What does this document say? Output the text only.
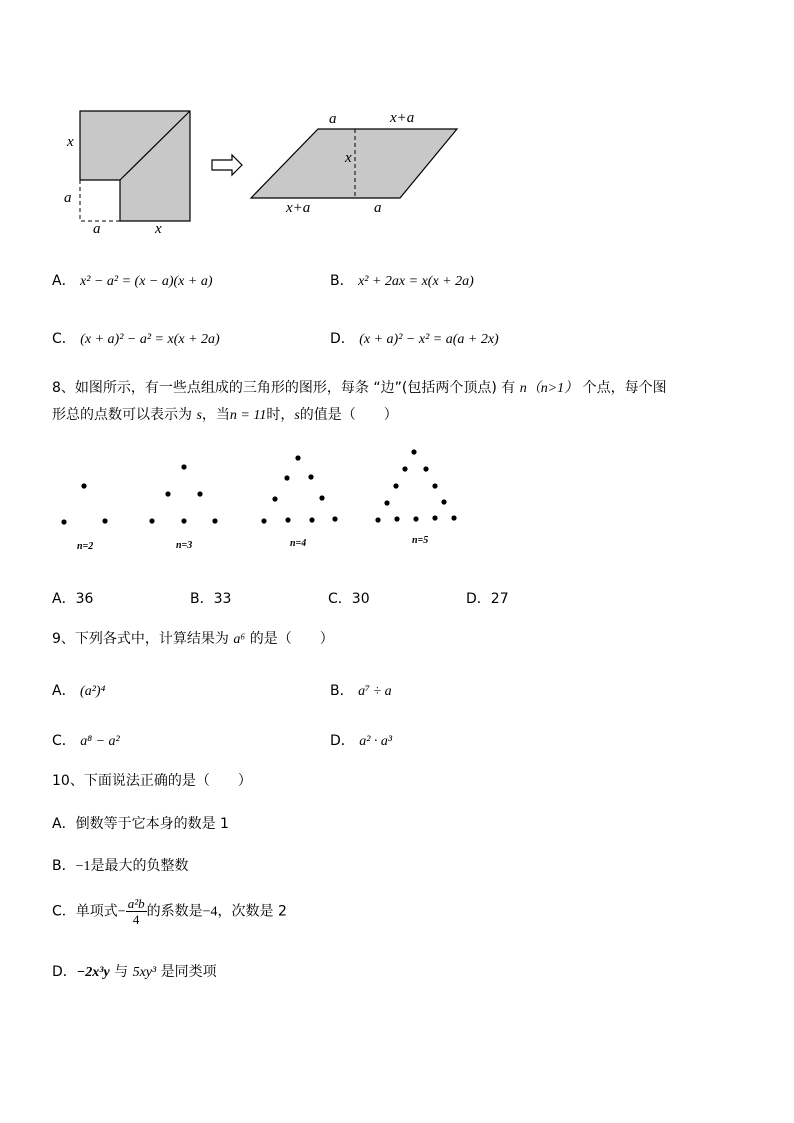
x
a
a	x
a	x+a
x
x+a	a
A． x² − a² = (x − a)(x + a)	B． x² + 2ax = x(x + 2a)
C． (x + a)² − a² = x(x + 2a)	D． (x + a)² − x² = a(a + 2x)
8、如图所示，有一些点组成的三角形的图形，每条 “边”(包括两个顶点) 有 n（n>1） 个点，每个图
形总的点数可以表示为 s，当n = 11时，s的值是（　　）
n=2	n=3	n=4	n=5
A．36	B．33	C．30	D．27
9、下列各式中，计算结果为 a⁶ 的是（　　）
A． (a²)⁴	B． a⁷ ÷ a
C． a⁸ − a²	D． a² · a³
10、下面说法正确的是（　　）
A．倒数等于它本身的数是 1
B．−1是最大的负整数
C．单项式− $\frac{\text{a²b}}{4}$ 的系数是−4，次数是 2
D．−2x³y 与 5xy³ 是同类项
